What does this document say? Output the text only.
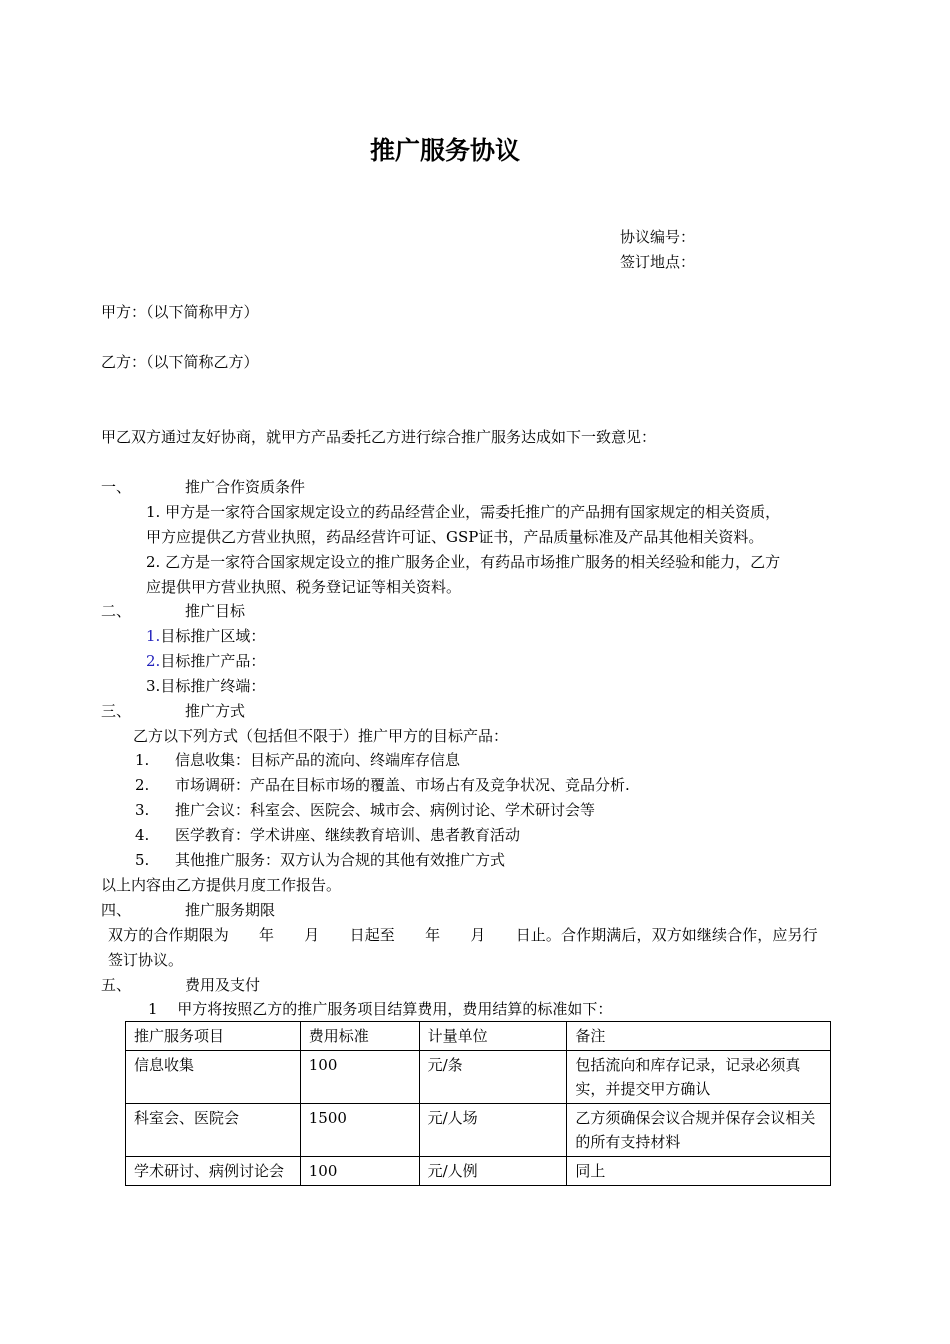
推广服务协议
协议编号：
签订地点：
甲方：（以下简称甲方）
乙方：（以下简称乙方）
甲乙双方通过友好协商，就甲方产品委托乙方进行综合推广服务达成如下一致意见：
一、	推广合作资质条件
1. 甲方是一家符合国家规定设立的药品经营企业，需委托推广的产品拥有国家规定的相关资质，
甲方应提供乙方营业执照，药品经营许可证、GSP证书，产品质量标准及产品其他相关资料。
2. 乙方是一家符合国家规定设立的推广服务企业，有药品市场推广服务的相关经验和能力，乙方
应提供甲方营业执照、税务登记证等相关资料。
二、	推广目标
1.目标推广区域：
2.目标推广产品：
3.目标推广终端：
三、	推广方式
乙方以下列方式（包括但不限于）推广甲方的目标产品：
1. 信息收集：目标产品的流向、终端库存信息
2. 市场调研：产品在目标市场的覆盖、市场占有及竞争状况、竞品分析.
3. 推广会议：科室会、医院会、城市会、病例讨论、学术研讨会等
4. 医学教育：学术讲座、继续教育培训、患者教育活动
5. 其他推广服务：双方认为合规的其他有效推广方式
以上内容由乙方提供月度工作报告。
四、	推广服务期限
双方的合作期限为　　年　　月　　日起至　　年　　月　　日止。合作期满后，双方如继续合作，应另行
签订协议。
五、	费用及支付
1　 甲方将按照乙方的推广服务项目结算费用，费用结算的标准如下：
推广服务项目	费用标准	计量单位	备注
信息收集	100	元/条	包括流向和库存记录，记录必须真实，并提交甲方确认
科室会、医院会	1500	元/人场	乙方须确保会议合规并保存会议相关的所有支持材料
学术研讨、病例讨论会	100	元/人例	同上
